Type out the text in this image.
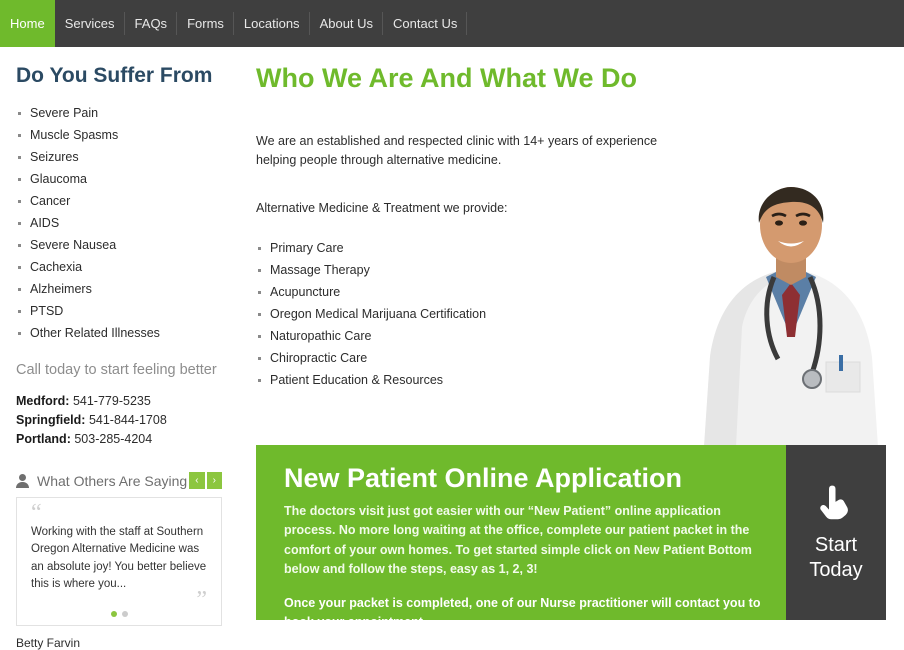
Home Services FAQs Forms Locations About Us Contact Us
Do You Suffer From
Severe Pain
Muscle Spasms
Seizures
Glaucoma
Cancer
AIDS
Severe Nausea
Cachexia
Alzheimers
PTSD
Other Related Illnesses
Call today to start feeling better
Medford: 541-779-5235
Springfield: 541-844-1708
Portland: 503-285-4204
What Others Are Saying ‹	›
“

Working with the staff at Southern Oregon Alternative Medicine was an absolute joy! You better believe this is where you...

”
Betty Farvin
Who We Are And What We Do

We are an established and respected clinic with 14+ years of experience helping people through alternative medicine.

Alternative Medicine & Treatment we provide:
Primary Care
Massage Therapy
Acupuncture
Oregon Medical Marijuana Certification
Naturopathic Care
Chiropractic Care
Patient Education & Resources
New Patient Online Application

The doctors visit just got easier with our “New Patient” online application process. No more long waiting at the office, complete our patient packet in the comfort of your own homes. To get started simple click on New Patient Bottom below and follow the steps, easy as 1, 2, 3!

Once your packet is completed, one of our Nurse practitioner will contact you to book your appointment.

Start
Today
